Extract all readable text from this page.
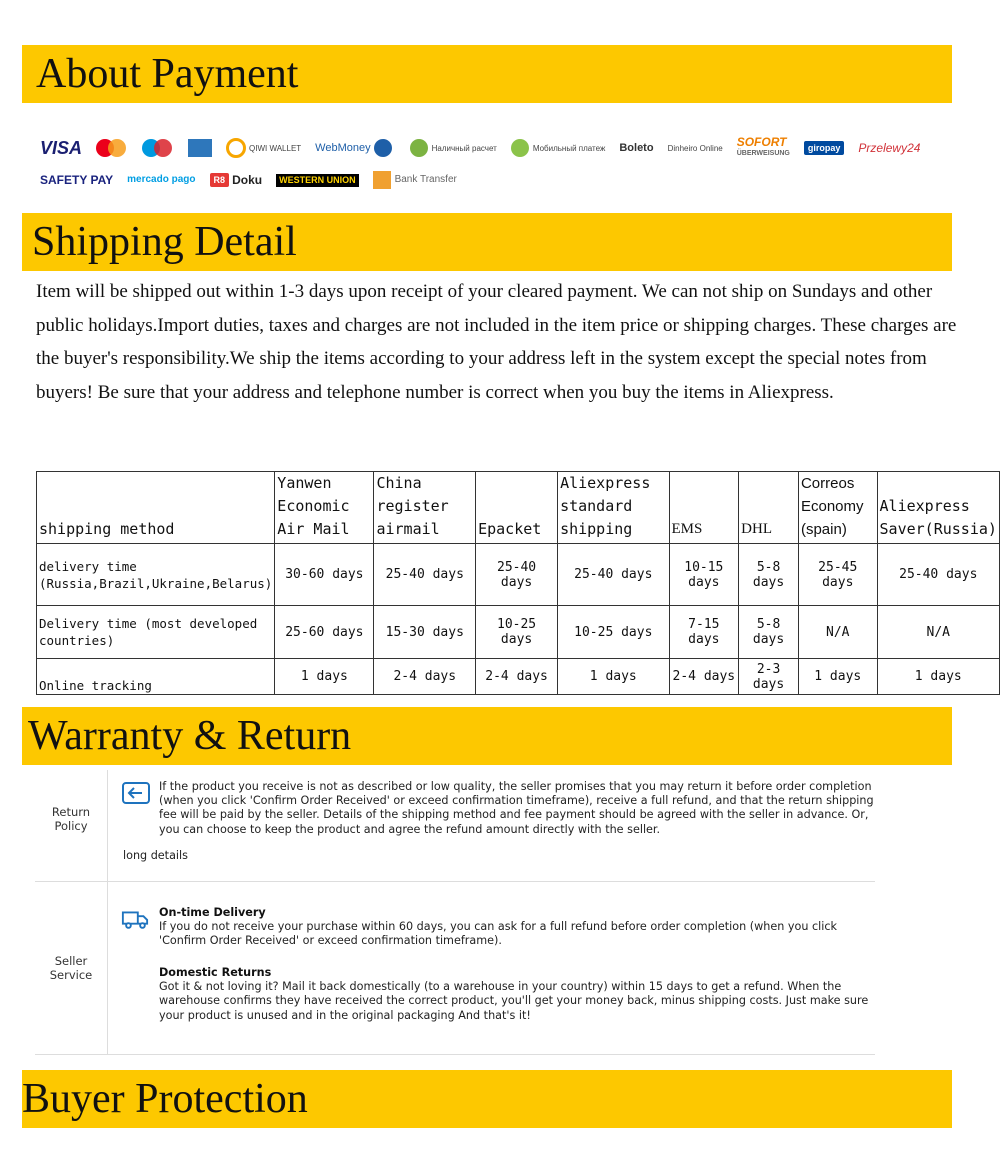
About Payment
VISA	QIWI WALLET WebMoney	Наличный расчет	Мобильный платеж Boleto Dinheiro Online SOFORT
ÜBERWEISUNG
giropay	Przelewy24
SAFETY PAY mercado pago	R8
Doku	WESTERN UNION	Bank Transfer
Shipping Detail
Item will be shipped out within 1-3 days upon receipt of your cleared payment. We can not ship on Sundays and other public holidays.Import duties, taxes and charges are not included in the item price or shipping charges. These charges are the buyer's responsibility.We ship the items according to your address left in the system except the special notes from buyers! Be sure that your address and telephone number is correct when you buy the items in Aliexpress.
shipping method	Yanwen Economic Air Mail	China register airmail	Epacket	Aliexpress standard shipping	EMS	DHL	Correos Economy (spain)	Aliexpress Saver(Russia)
delivery time (Russia,Brazil,Ukraine,Belarus)	30-60 days	25-40 days	25-40 days	25-40 days	10-15 days	5-8 days	25-45 days	25-40 days
Delivery time (most developed countries)	25-60 days	15-30 days	10-25 days	10-25 days	7-15 days	5-8 days	N/A	N/A
Online tracking	1 days	2-4 days	2-4 days	1 days	2-4 days	2-3 days	1 days	1 days
Warranty & Return
Return Policy
If the product you receive is not as described or low quality, the seller promises that you may return it before order completion (when you click 'Confirm Order Received' or exceed confirmation timeframe), receive a full refund, and that the return shipping fee will be paid by the seller. Details of the shipping method and fee payment should be agreed with the seller in advance. Or, you can choose to keep the product and agree the refund amount directly with the seller.
long details
Seller Service
On-time Delivery
If you do not receive your purchase within 60 days, you can ask for a full refund before order completion (when you click 'Confirm Order Received' or exceed confirmation timeframe).
Domestic Returns
Got it & not loving it? Mail it back domestically (to a warehouse in your country) within 15 days to get a refund. When the warehouse confirms they have received the correct product, you'll get your money back, minus shipping costs. Just make sure your product is unused and in the original packaging And that's it!
Buyer Protection
